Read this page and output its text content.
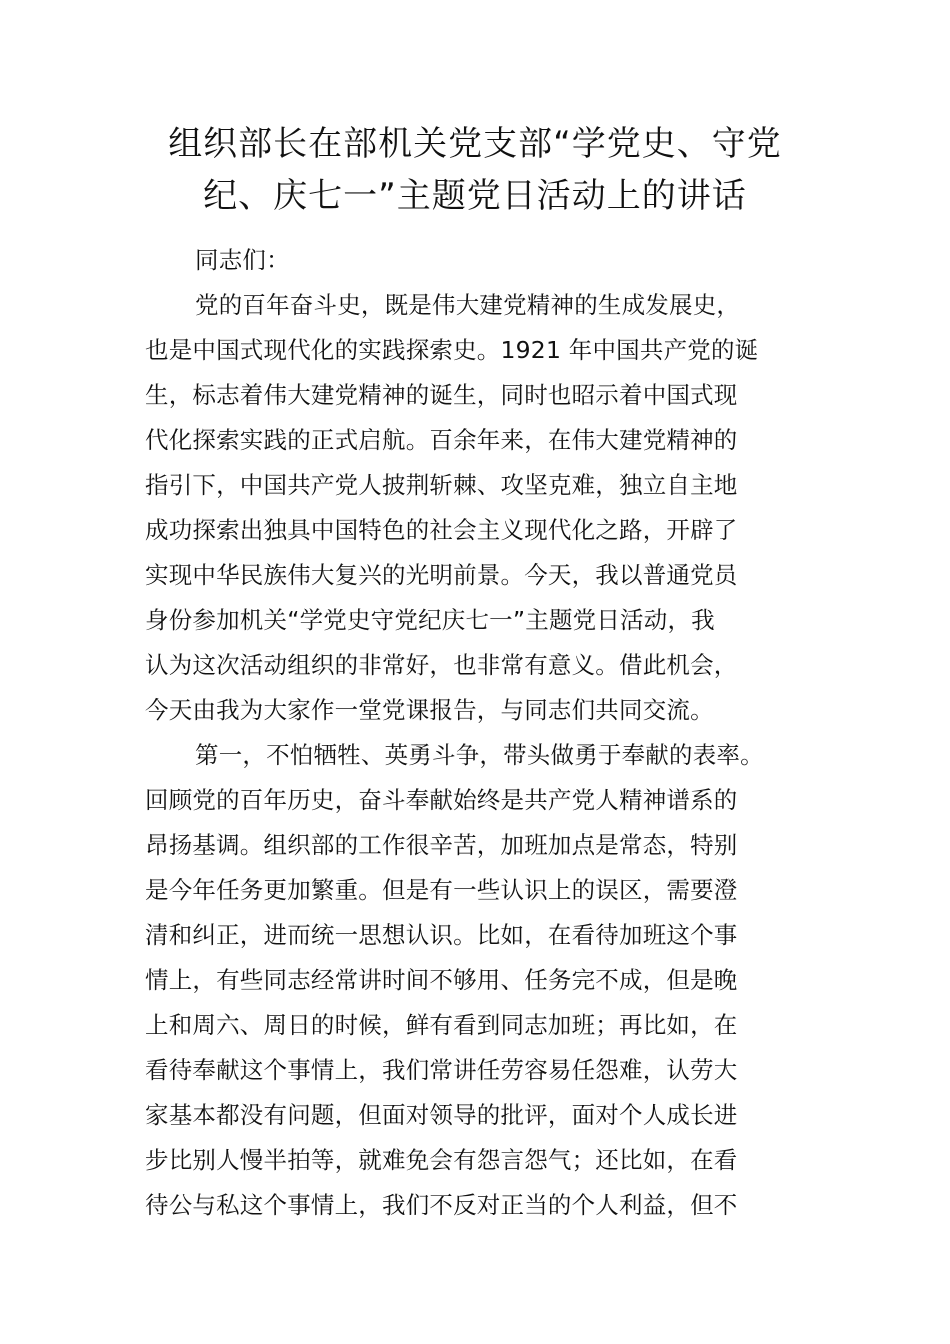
组织部长在部机关党支部“学党史、守党
纪、庆七一”主题党日活动上的讲话
同志们：
党的百年奋斗史，既是伟大建党精神的生成发展史，
也是中国式现代化的实践探索史。1921 年中国共产党的诞
生，标志着伟大建党精神的诞生，同时也昭示着中国式现
代化探索实践的正式启航。百余年来，在伟大建党精神的
指引下，中国共产党人披荆斩棘、攻坚克难，独立自主地
成功探索出独具中国特色的社会主义现代化之路，开辟了
实现中华民族伟大复兴的光明前景。今天，我以普通党员
身份参加机关“学党史守党纪庆七一”主题党日活动，我
认为这次活动组织的非常好，也非常有意义。借此机会，
今天由我为大家作一堂党课报告，与同志们共同交流。
第一，不怕牺牲、英勇斗争，带头做勇于奉献的表率。
回顾党的百年历史，奋斗奉献始终是共产党人精神谱系的
昂扬基调。组织部的工作很辛苦，加班加点是常态，特别
是今年任务更加繁重。但是有一些认识上的误区，需要澄
清和纠正，进而统一思想认识。比如，在看待加班这个事
情上，有些同志经常讲时间不够用、任务完不成，但是晚
上和周六、周日的时候，鲜有看到同志加班；再比如，在
看待奉献这个事情上，我们常讲任劳容易任怨难，认劳大
家基本都没有问题，但面对领导的批评，面对个人成长进
步比别人慢半拍等，就难免会有怨言怨气；还比如，在看
待公与私这个事情上，我们不反对正当的个人利益，但不
